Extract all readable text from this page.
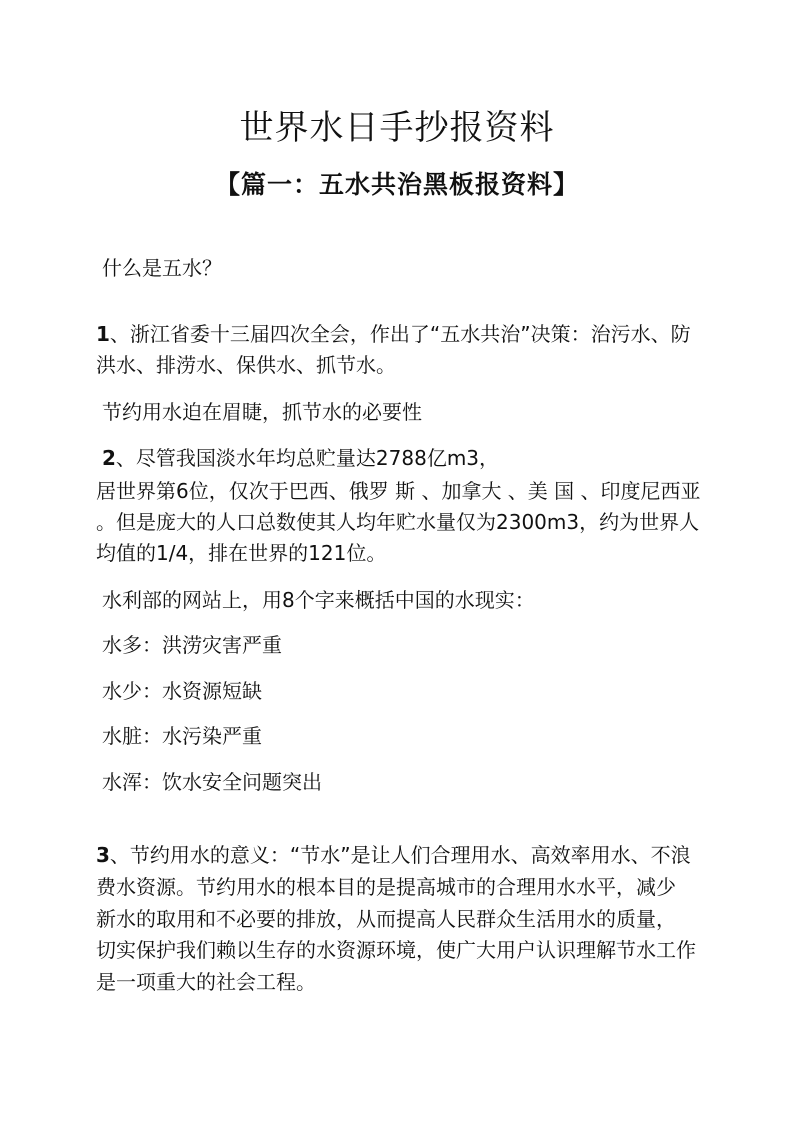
世界水日手抄报资料
【篇一：五水共治黑板报资料】
什么是五水？
1、浙江省委十三届四次全会，作出了“五水共治”决策：治污水、防
洪水、排涝水、保供水、抓节水。
节约用水迫在眉睫，抓节水的必要性
2、尽管我国淡水年均总贮量达2788亿m3，
居世界第6位，仅次于巴西、俄罗 斯 、加拿大 、美 国 、印度尼西亚
。但是庞大的人口总数使其人均年贮水量仅为2300m3，约为世界人
均值的1/4，排在世界的121位。
水利部的网站上，用8个字来概括中国的水现实：
水多：洪涝灾害严重
水少：水资源短缺
水脏：水污染严重
水浑：饮水安全问题突出
3、节约用水的意义：“节水”是让人们合理用水、高效率用水、不浪
费水资源。节约用水的根本目的是提高城市的合理用水水平，减少
新水的取用和不必要的排放，从而提高人民群众生活用水的质量，
切实保护我们赖以生存的水资源环境，使广大用户认识理解节水工作
是一项重大的社会工程。
